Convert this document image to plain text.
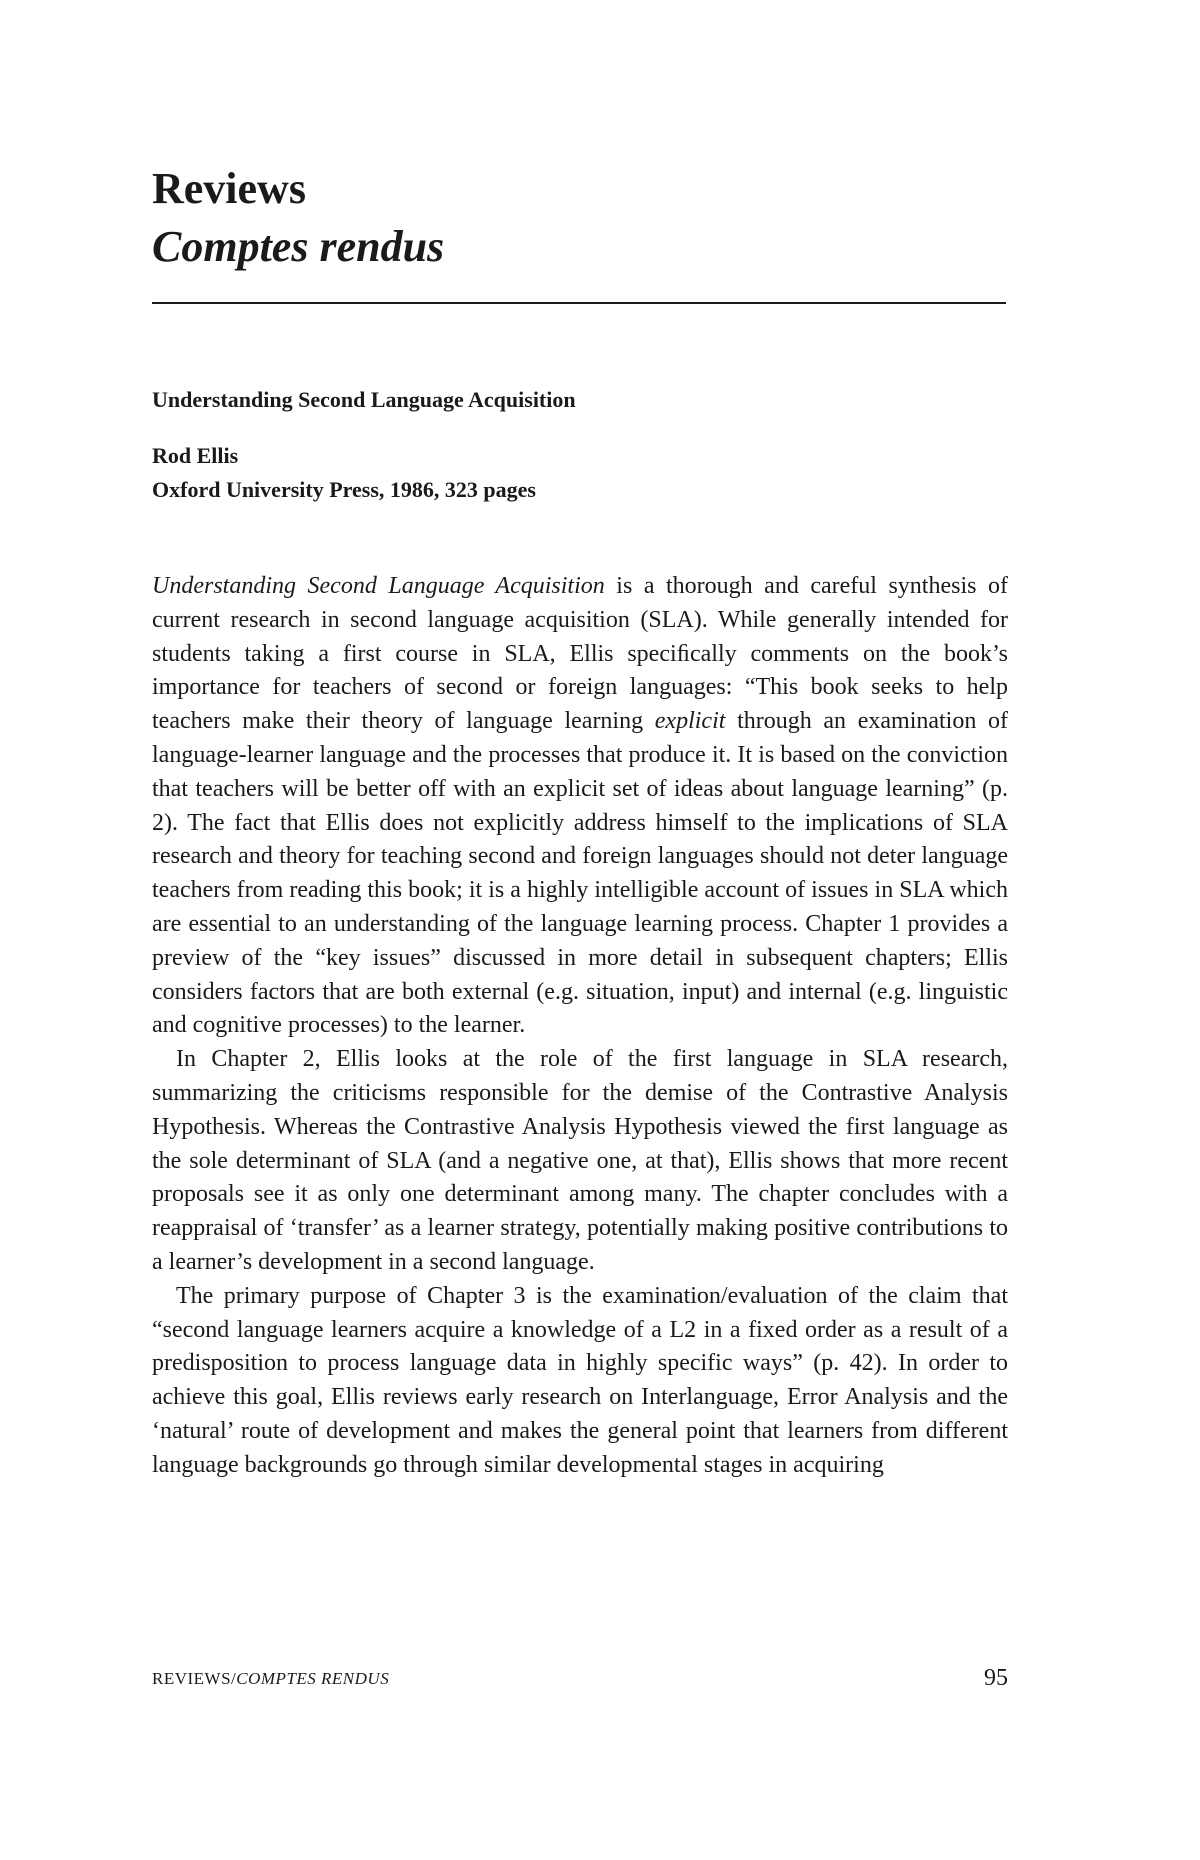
Reviews
Comptes rendus
Understanding Second Language Acquisition
Rod Ellis
Oxford University Press, 1986, 323 pages

Understanding Second Language Acquisition is a thorough and careful synthesis of current research in second language acquisition (SLA). While generally intended for students taking a first course in SLA, Ellis speciﬁcally comments on the book’s importance for teachers of second or foreign languages: “This book seeks to help teachers make their theory of language learning explicit through an examination of language-learner language and the processes that produce it. It is based on the conviction that teachers will be better off with an explicit set of ideas about language learning” (p. 2). The fact that Ellis does not explicitly address himself to the implications of SLA research and theory for teaching second and foreign languages should not deter language teachers from reading this book; it is a highly intelligible account of issues in SLA which are essential to an understanding of the language learning process. Chapter 1 provides a preview of the “key issues” discussed in more detail in subsequent chapters; Ellis considers factors that are both external (e.g. situation, input) and internal (e.g. linguistic and cognitive processes) to the learner.

In Chapter 2, Ellis looks at the role of the first language in SLA research, summarizing the criticisms responsible for the demise of the Contrastive Analysis Hypothesis. Whereas the Contrastive Analysis Hypothesis viewed the first language as the sole determinant of SLA (and a negative one, at that), Ellis shows that more recent proposals see it as only one determinant among many. The chapter concludes with a reappraisal of ‘transfer’ as a learner strategy, potentially making positive contributions to a learner’s development in a second language.

The primary purpose of Chapter 3 is the examination/evaluation of the claim that “second language learners acquire a knowledge of a L2 in a fixed order as a result of a predisposition to process language data in highly specific ways” (p. 42). In order to achieve this goal, Ellis reviews early research on Interlanguage, Error Analysis and the ‘natural’ route of development and makes the general point that learners from different language backgrounds go through similar developmental stages in acquiring

REVIEWS/COMPTES RENDUS	95
